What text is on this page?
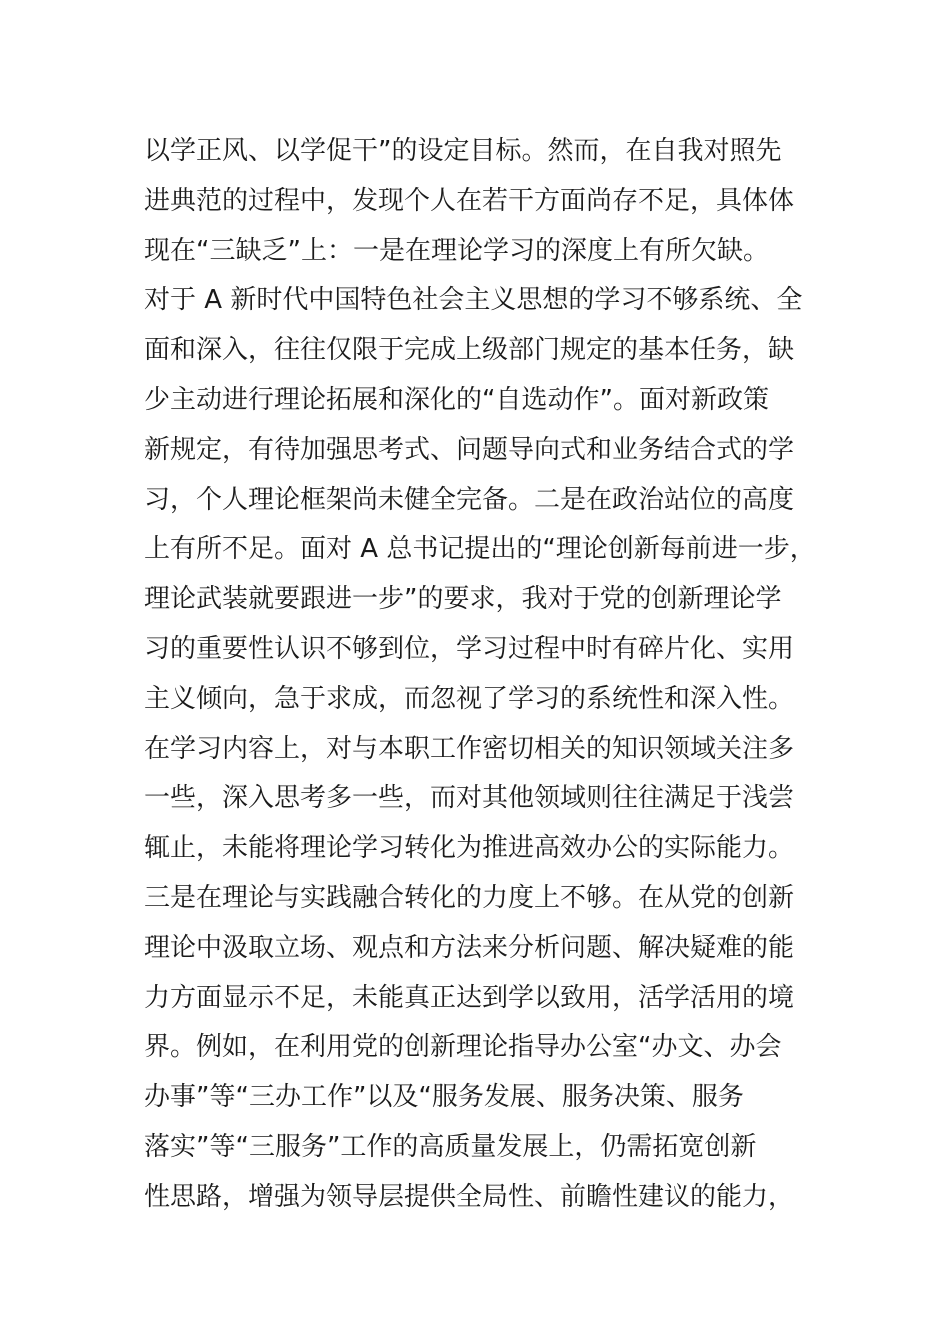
以学正风、以学促干”的设定目标。然而，在自我对照先
进典范的过程中，发现个人在若干方面尚存不足，具体体
现在“三缺乏”上：一是在理论学习的深度上有所欠缺。
对于 A 新时代中国特色社会主义思想的学习不够系统、全
面和深入，往往仅限于完成上级部门规定的基本任务，缺
少主动进行理论拓展和深化的“自选动作”。面对新政策
新规定，有待加强思考式、问题导向式和业务结合式的学
习，个人理论框架尚未健全完备。二是在政治站位的高度
上有所不足。面对 A 总书记提出的“理论创新每前进一步，
理论武装就要跟进一步”的要求，我对于党的创新理论学
习的重要性认识不够到位，学习过程中时有碎片化、实用
主义倾向，急于求成，而忽视了学习的系统性和深入性。
在学习内容上，对与本职工作密切相关的知识领域关注多
一些，深入思考多一些，而对其他领域则往往满足于浅尝
辄止，未能将理论学习转化为推进高效办公的实际能力。
三是在理论与实践融合转化的力度上不够。在从党的创新
理论中汲取立场、观点和方法来分析问题、解决疑难的能
力方面显示不足，未能真正达到学以致用，活学活用的境
界。例如，在利用党的创新理论指导办公室“办文、办会
办事”等“三办工作”以及“服务发展、服务决策、服务
落实”等“三服务”工作的高质量发展上，仍需拓宽创新
性思路，增强为领导层提供全局性、前瞻性建议的能力，
